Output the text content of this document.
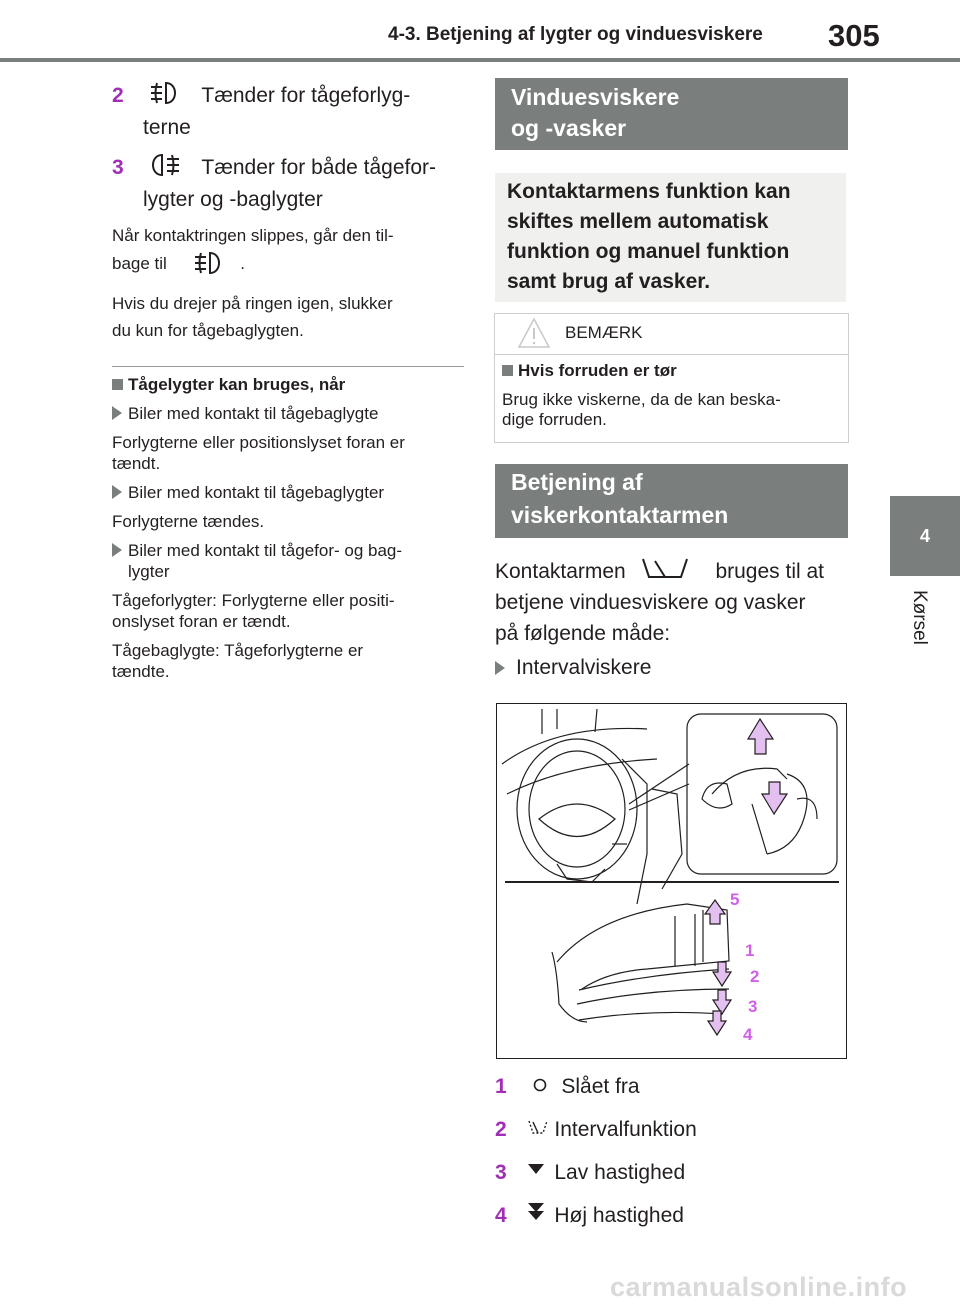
4-3. Betjening af lygter og vinduesviskere 305
4
Kørsel
2	Tænder for tågeforlyg-
terne
3	Tænder for både tågefor-
lygter og -baglygter
Når kontaktringen slippes, går den til-
bage til	.
Hvis du drejer på ringen igen, slukker
du kun for tågebaglygten.
Tågelygter kan bruges, når
Biler med kontakt til tågebaglygte
Forlygterne eller positionslyset foran er
tændt.
Biler med kontakt til tågebaglygter
Forlygterne tændes.
Biler med kontakt til tågefor- og bag-
lygter
Tågeforlygter: Forlygterne eller positi-
onslyset foran er tændt.
Tågebaglygte: Tågeforlygterne er
tændte.
Vinduesviskere
og -vasker
Kontaktarmens funktion kan
skiftes mellem automatisk
funktion og manuel funktion
samt brug af vasker.
BEMÆRK
Hvis forruden er tør
Brug ikke viskerne, da de kan beska-
dige forruden.
Betjening af
viskerkontaktarmen
Kontaktarmen	bruges til at
betjene vinduesviskere og vasker
på følgende måde:
Intervalviskere
5
1
2
3
4
1	Slået fra
2 Intervalfunktion
3 Lav hastighed
4 Høj hastighed
carmanualsonline.info
